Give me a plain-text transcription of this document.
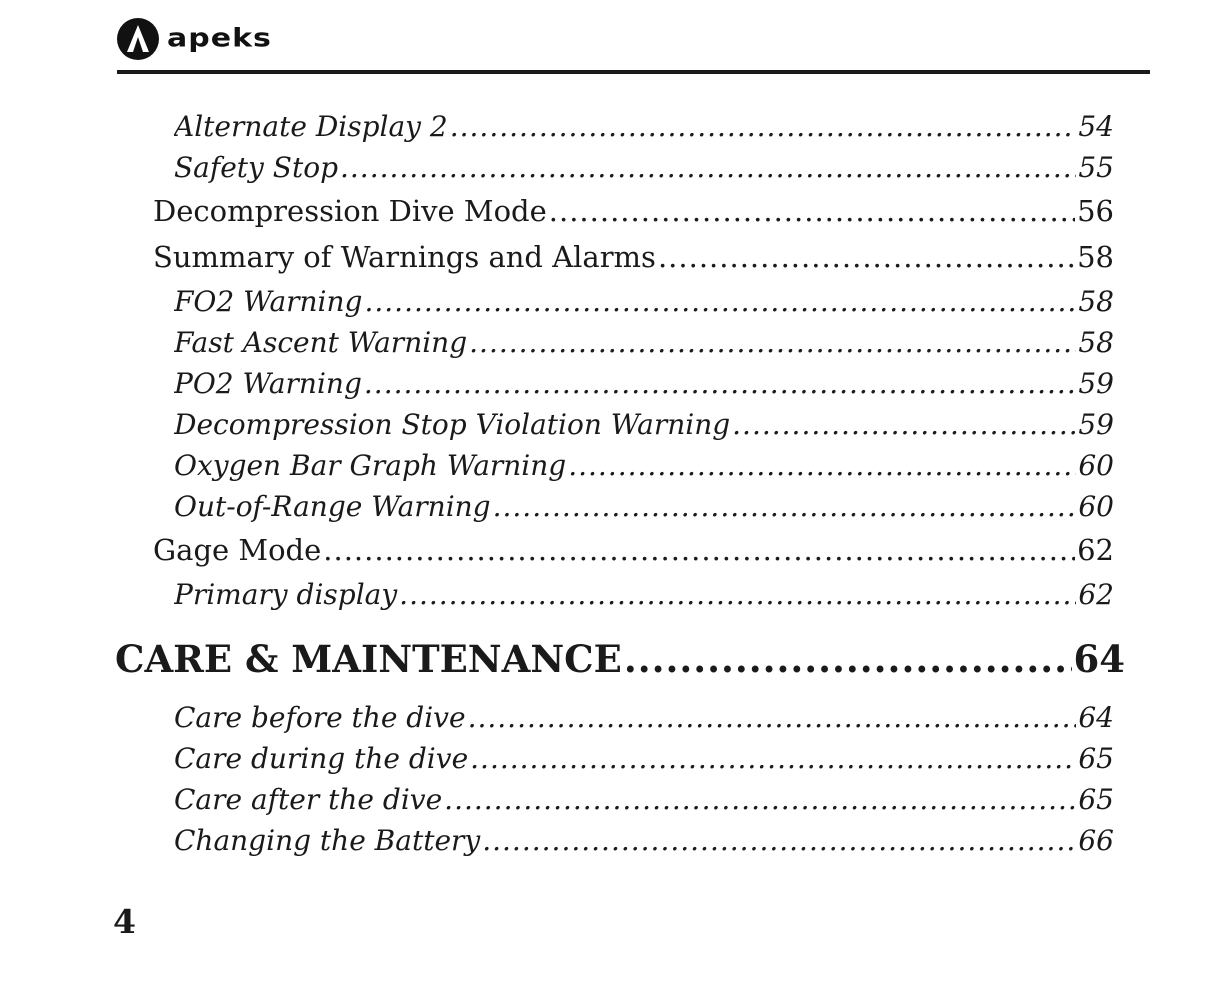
apeks
Alternate Display 2 .....	54
Safety Stop .....	55
Decompression Dive Mode .....	56
Summary of Warnings and Alarms .....	58
FO2 Warning .....	58
Fast Ascent Warning .....	58
PO2 Warning .....	59
Decompression Stop Violation Warning .....	59
Oxygen Bar Graph Warning .....	60
Out-of-Range Warning .....	60
Gage Mode .....	62
Primary display .....	62
CARE & MAINTENANCE .....	64
Care before the dive .....	64
Care during the dive .....	65
Care after the dive .....	65
Changing the Battery .....	66
4
